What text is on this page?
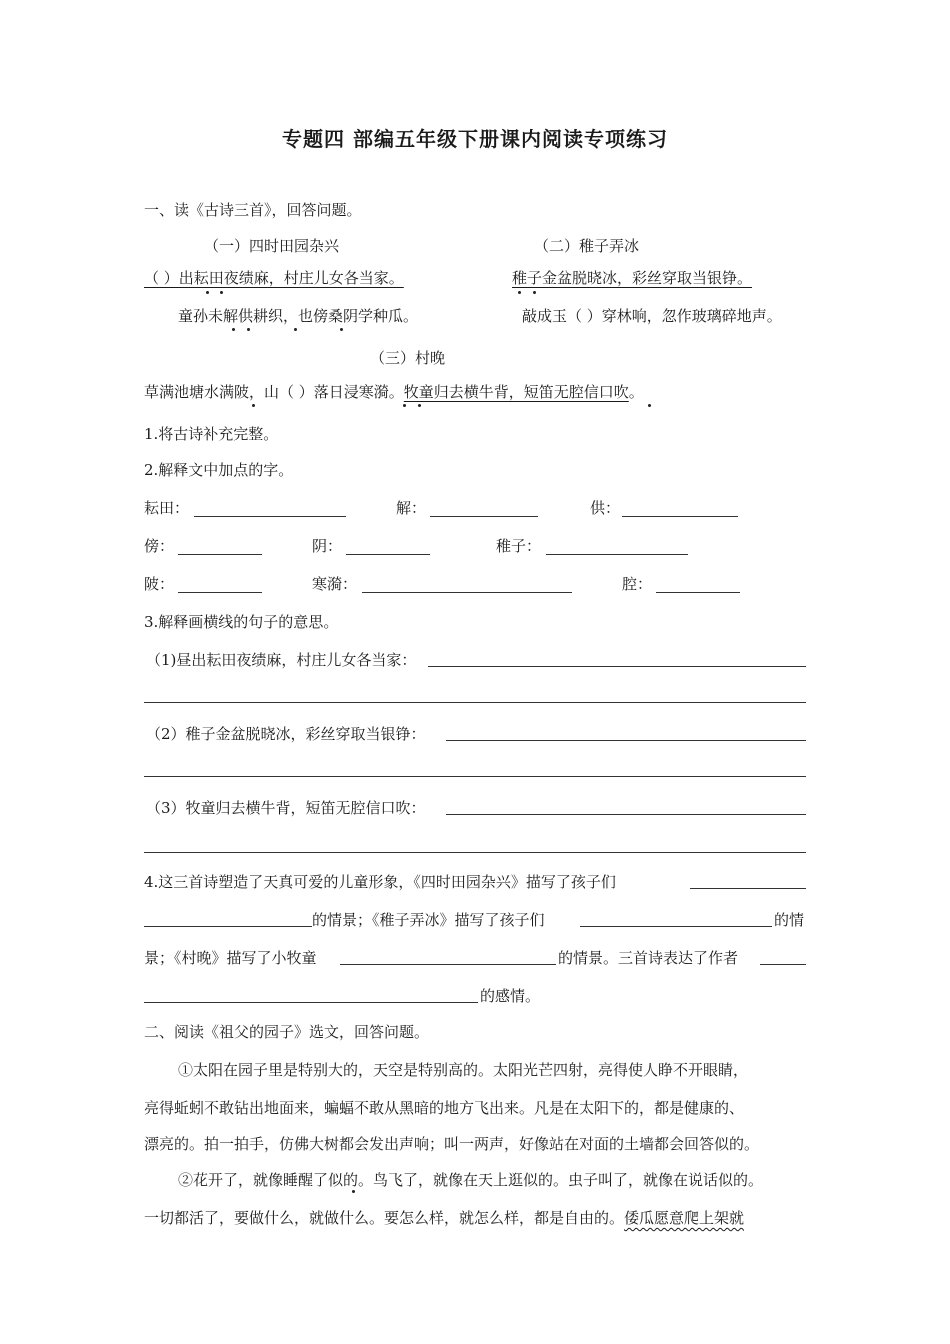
专题四 部编五年级下册课内阅读专项练习
一、读《古诗三首》，回答问题。
（一）四时田园杂兴	（二）稚子弄冰
（ ）出耘田夜绩麻，村庄儿女各当家。	稚子金盆脱晓冰，彩丝穿取当银铮。
童孙未解供耕织，也傍桑阴学种瓜。	敲成玉（ ）穿林响，忽作玻璃碎地声。
（三）村晚
草满池塘水满陂，山（ ）落日浸寒漪。牧童归去横牛背，短笛无腔信口吹。
1.将古诗补充完整。
2.解释文中加点的字。
耘田：	解：	供：
傍：	阴：	稚子：
陂：	寒漪：	腔：
3.解释画横线的句子的意思。
（1)昼出耘田夜绩麻，村庄儿女各当家：
（2）稚子金盆脱晓冰，彩丝穿取当银铮：
（3）牧童归去横牛背，短笛无腔信口吹：
4.这三首诗塑造了天真可爱的儿童形象，《四时田园杂兴》描写了孩子们
的情景；《稚子弄冰》描写了孩子们	的情
景；《村晚》描写了小牧童	的情景。三首诗表达了作者
的感情。
二、阅读《祖父的园子》选文，回答问题。
①太阳在园子里是特别大的，天空是特别高的。太阳光芒四射，亮得使人睁不开眼睛，
亮得蚯蚓不敢钻出地面来，蝙蝠不敢从黑暗的地方飞出来。凡是在太阳下的，都是健康的、
漂亮的。拍一拍手，仿佛大树都会发出声响；叫一两声，好像站在对面的土墙都会回答似的。
②花开了，就像睡醒了似的。鸟飞了，就像在天上逛似的。虫子叫了，就像在说话似的。
一切都活了，要做什么，就做什么。要怎么样，就怎么样，都是自由的。倭瓜愿意爬上架就
